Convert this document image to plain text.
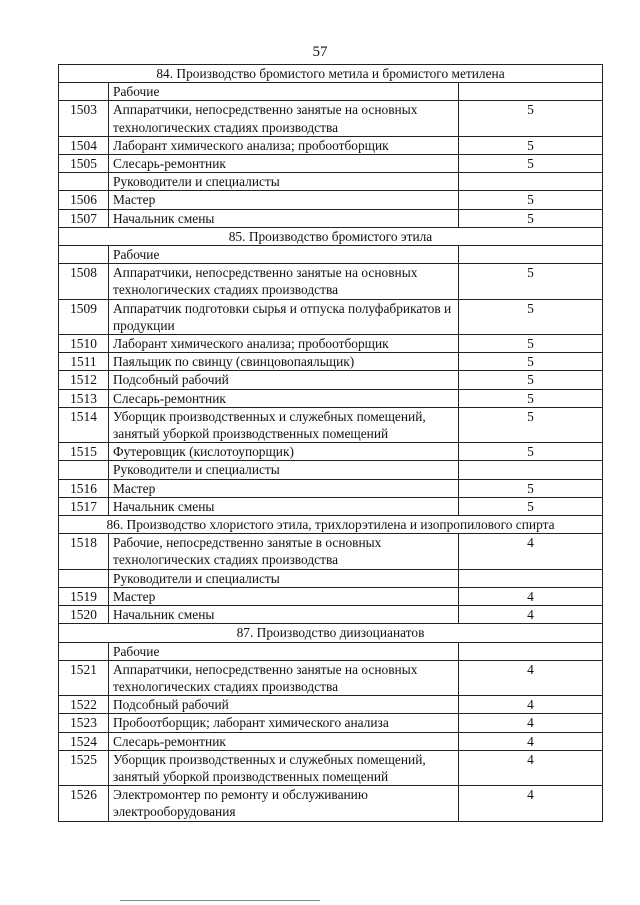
57
84. Производство бромистого метила и бромистого метилена		
	Рабочие	
1503	Аппаратчики, непосредственно занятые на основных технологических стадиях производства	5
1504	Лаборант химического анализа; пробоотборщик	5
1505	Слесарь-ремонтник	5
	Руководители и специалисты	
1506	Мастер	5
1507	Начальник смены	5
85. Производство бромистого этила		
	Рабочие	
1508	Аппаратчики, непосредственно занятые на основных технологических стадиях производства	5
1509	Аппаратчик подготовки сырья и отпуска полуфабрикатов и продукции	5
1510	Лаборант химического анализа; пробоотборщик	5
1511	Паяльщик по свинцу (свинцовопаяльщик)	5
1512	Подсобный рабочий	5
1513	Слесарь-ремонтник	5
1514	Уборщик производственных и служебных помещений, занятый уборкой производственных помещений	5
1515	Футеровщик (кислотоупорщик)	5
	Руководители и специалисты	
1516	Мастер	5
1517	Начальник смены	5
86. Производство хлористого этила, трихлорэтилена и изопропилового спирта		
1518	Рабочие, непосредственно занятые в основных технологических стадиях производства	4
	Руководители и специалисты	
1519	Мастер	4
1520	Начальник смены	4
87. Производство диизоцианатов		
	Рабочие	
1521	Аппаратчики, непосредственно занятые на основных технологических стадиях производства	4
1522	Подсобный рабочий	4
1523	Пробоотборщик; лаборант химического анализа	4
1524	Слесарь-ремонтник	4
1525	Уборщик производственных и служебных помещений, занятый уборкой производственных помещений	4
1526	Электромонтер по ремонту и обслуживанию электрооборудования	4
